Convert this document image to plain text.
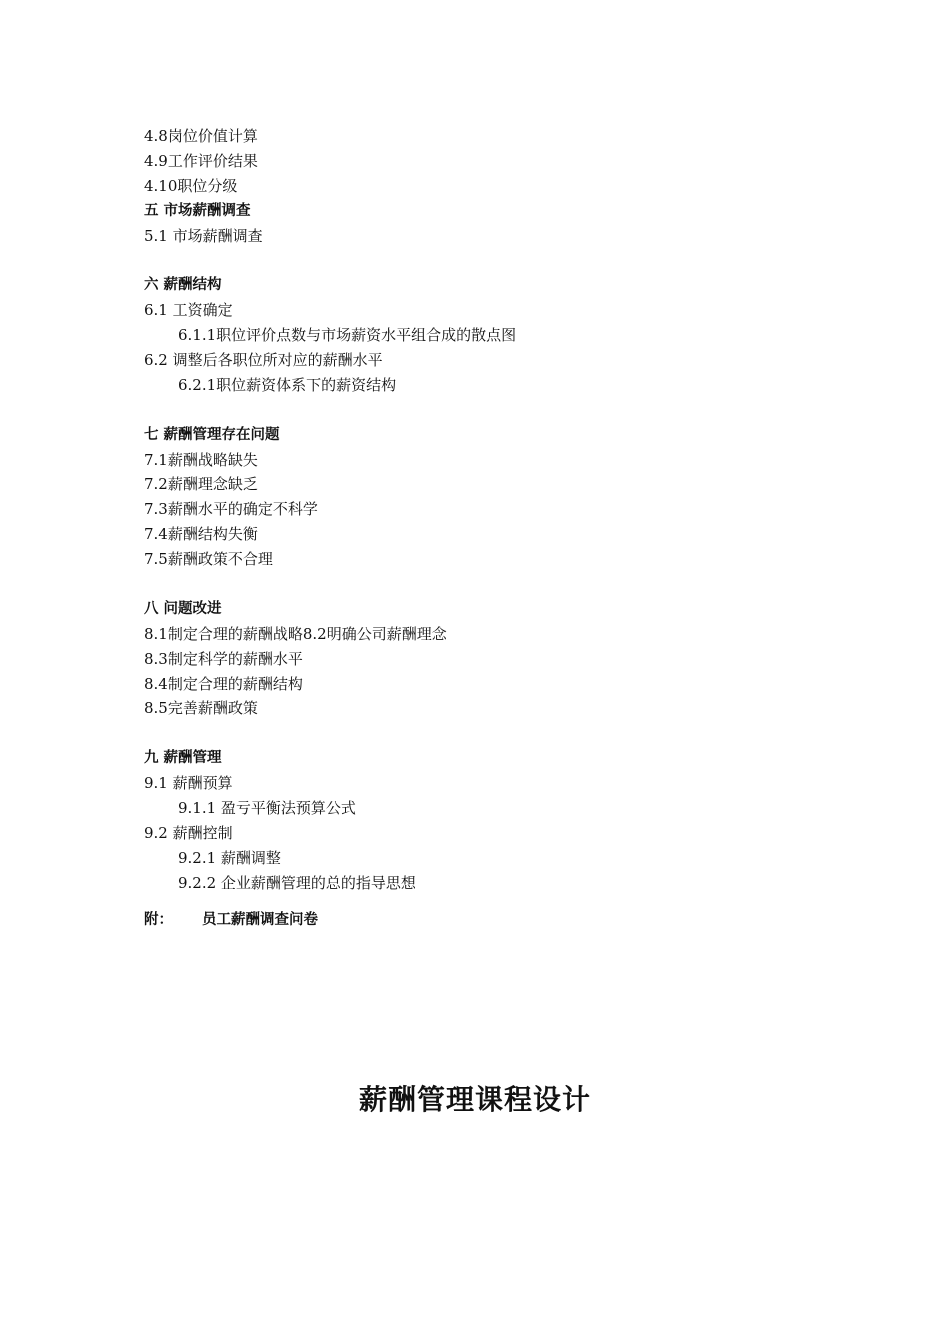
4.8岗位价值计算
4.9工作评价结果
4.10职位分级
五 市场薪酬调查
5.1 市场薪酬调查
六 薪酬结构
6.1 工资确定
6.1.1职位评价点数与市场薪资水平组合成的散点图
6.2 调整后各职位所对应的薪酬水平
6.2.1职位薪资体系下的薪资结构
七 薪酬管理存在问题
7.1薪酬战略缺失
7.2薪酬理念缺乏
7.3薪酬水平的确定不科学
7.4薪酬结构失衡
7.5薪酬政策不合理
八 问题改进
8.1制定合理的薪酬战略8.2明确公司薪酬理念
8.3制定科学的薪酬水平
8.4制定合理的薪酬结构
8.5完善薪酬政策
九 薪酬管理
9.1 薪酬预算
9.1.1 盈亏平衡法预算公式
9.2 薪酬控制
9.2.1 薪酬调整
9.2.2 企业薪酬管理的总的指导思想
附： 员工薪酬调查问卷
薪酬管理课程设计
